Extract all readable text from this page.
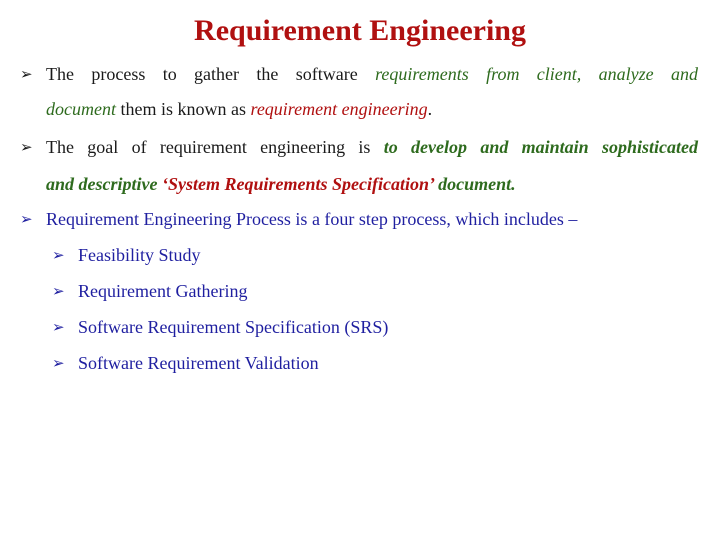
Requirement Engineering
➢ The process to gather the software requirements from client, analyze and
document them is known as requirement engineering.
➢ The goal of requirement engineering is to develop and maintain sophisticated
and descriptive ‘System Requirements Specification’ document.
➢ Requirement Engineering Process is a four step process, which includes –
➢ Feasibility Study
➢ Requirement Gathering
➢ Software Requirement Specification (SRS)
➢ Software Requirement Validation
